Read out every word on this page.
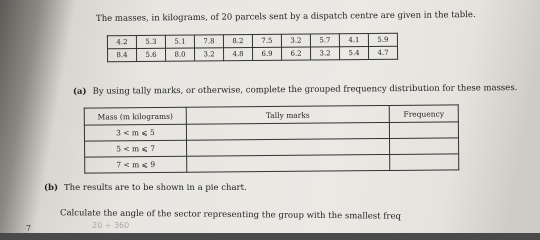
The masses, in kilograms, of 20 parcels sent by a dispatch centre are given in the table.
4.2	5.3	5.1	7.8	8.2	7.5	3.2	5.7	4.1	5.9
8.4	5.6	8.0	3.2	4.8	6.9	6.2	3.2	5.4	4.7
(a) By using tally marks, or otherwise, complete the grouped frequency distribution for these masses.
Mass (m kilograms)	Tally marks	Frequency
3 < m ⩽ 5		
5 < m ⩽ 7		
7 < m ⩽ 9		
(b) The results are to be shown in a pie chart.
Calculate the angle of the sector representing the group with the smallest freq
7	20 ÷ 360
